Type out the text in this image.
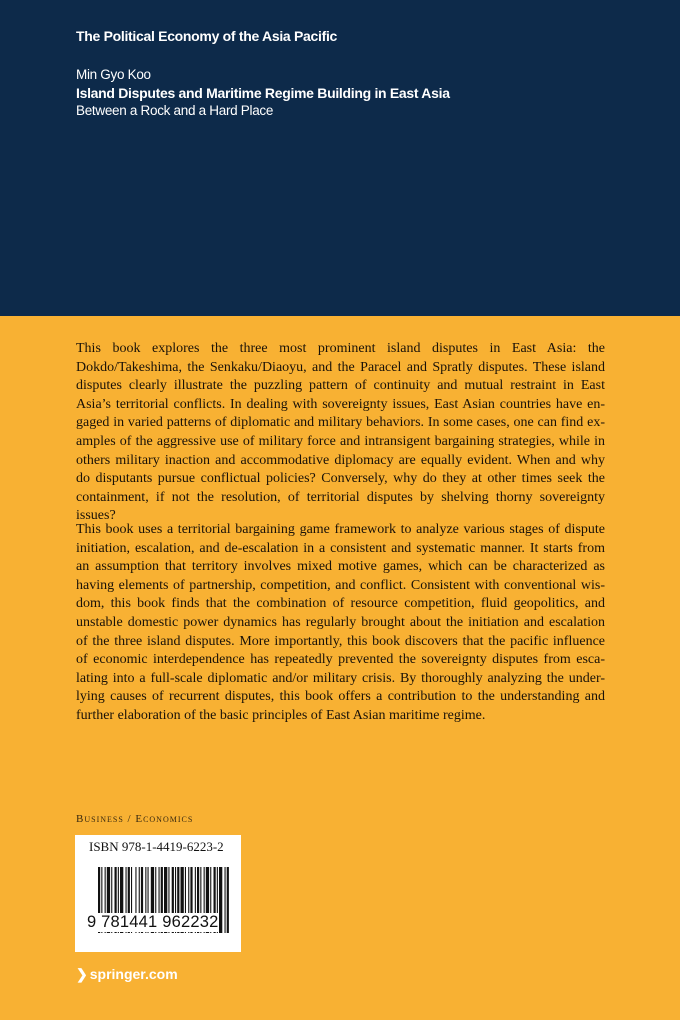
The Political Economy of the Asia Pacific
Min Gyo Koo
Island Disputes and Maritime Regime Building in East Asia
Between a Rock and a Hard Place
This book explores the three most prominent island disputes in East Asia: the
Dokdo/Takeshima, the Senkaku/Diaoyu, and the Paracel and Spratly disputes. These island
disputes clearly illustrate the puzzling pattern of continuity and mutual restraint in East
Asia’s territorial conflicts. In dealing with sovereignty issues, East Asian countries have en-
gaged in varied patterns of diplomatic and military behaviors. In some cases, one can find ex-
amples of the aggressive use of military force and intransigent bargaining strategies, while in
others military inaction and accommodative diplomacy are equally evident. When and why
do disputants pursue conflictual policies? Conversely, why do they at other times seek the
containment, if not the resolution, of territorial disputes by shelving thorny sovereignty
issues?
This book uses a territorial bargaining game framework to analyze various stages of dispute
initiation, escalation, and de-escalation in a consistent and systematic manner. It starts from
an assumption that territory involves mixed motive games, which can be characterized as
having elements of partnership, competition, and conflict. Consistent with conventional wis-
dom, this book finds that the combination of resource competition, fluid geopolitics, and
unstable domestic power dynamics has regularly brought about the initiation and escalation
of the three island disputes. More importantly, this book discovers that the pacific influence
of economic interdependence has repeatedly prevented the sovereignty disputes from esca-
lating into a full-scale diplomatic and/or military crisis. By thoroughly analyzing the under-
lying causes of recurrent disputes, this book offers a contribution to the understanding and
further elaboration of the basic principles of East Asian maritime regime.
Business / Economics
ISBN 978-1-4419-6223-2
9 781441 962232
❯ springer.com
